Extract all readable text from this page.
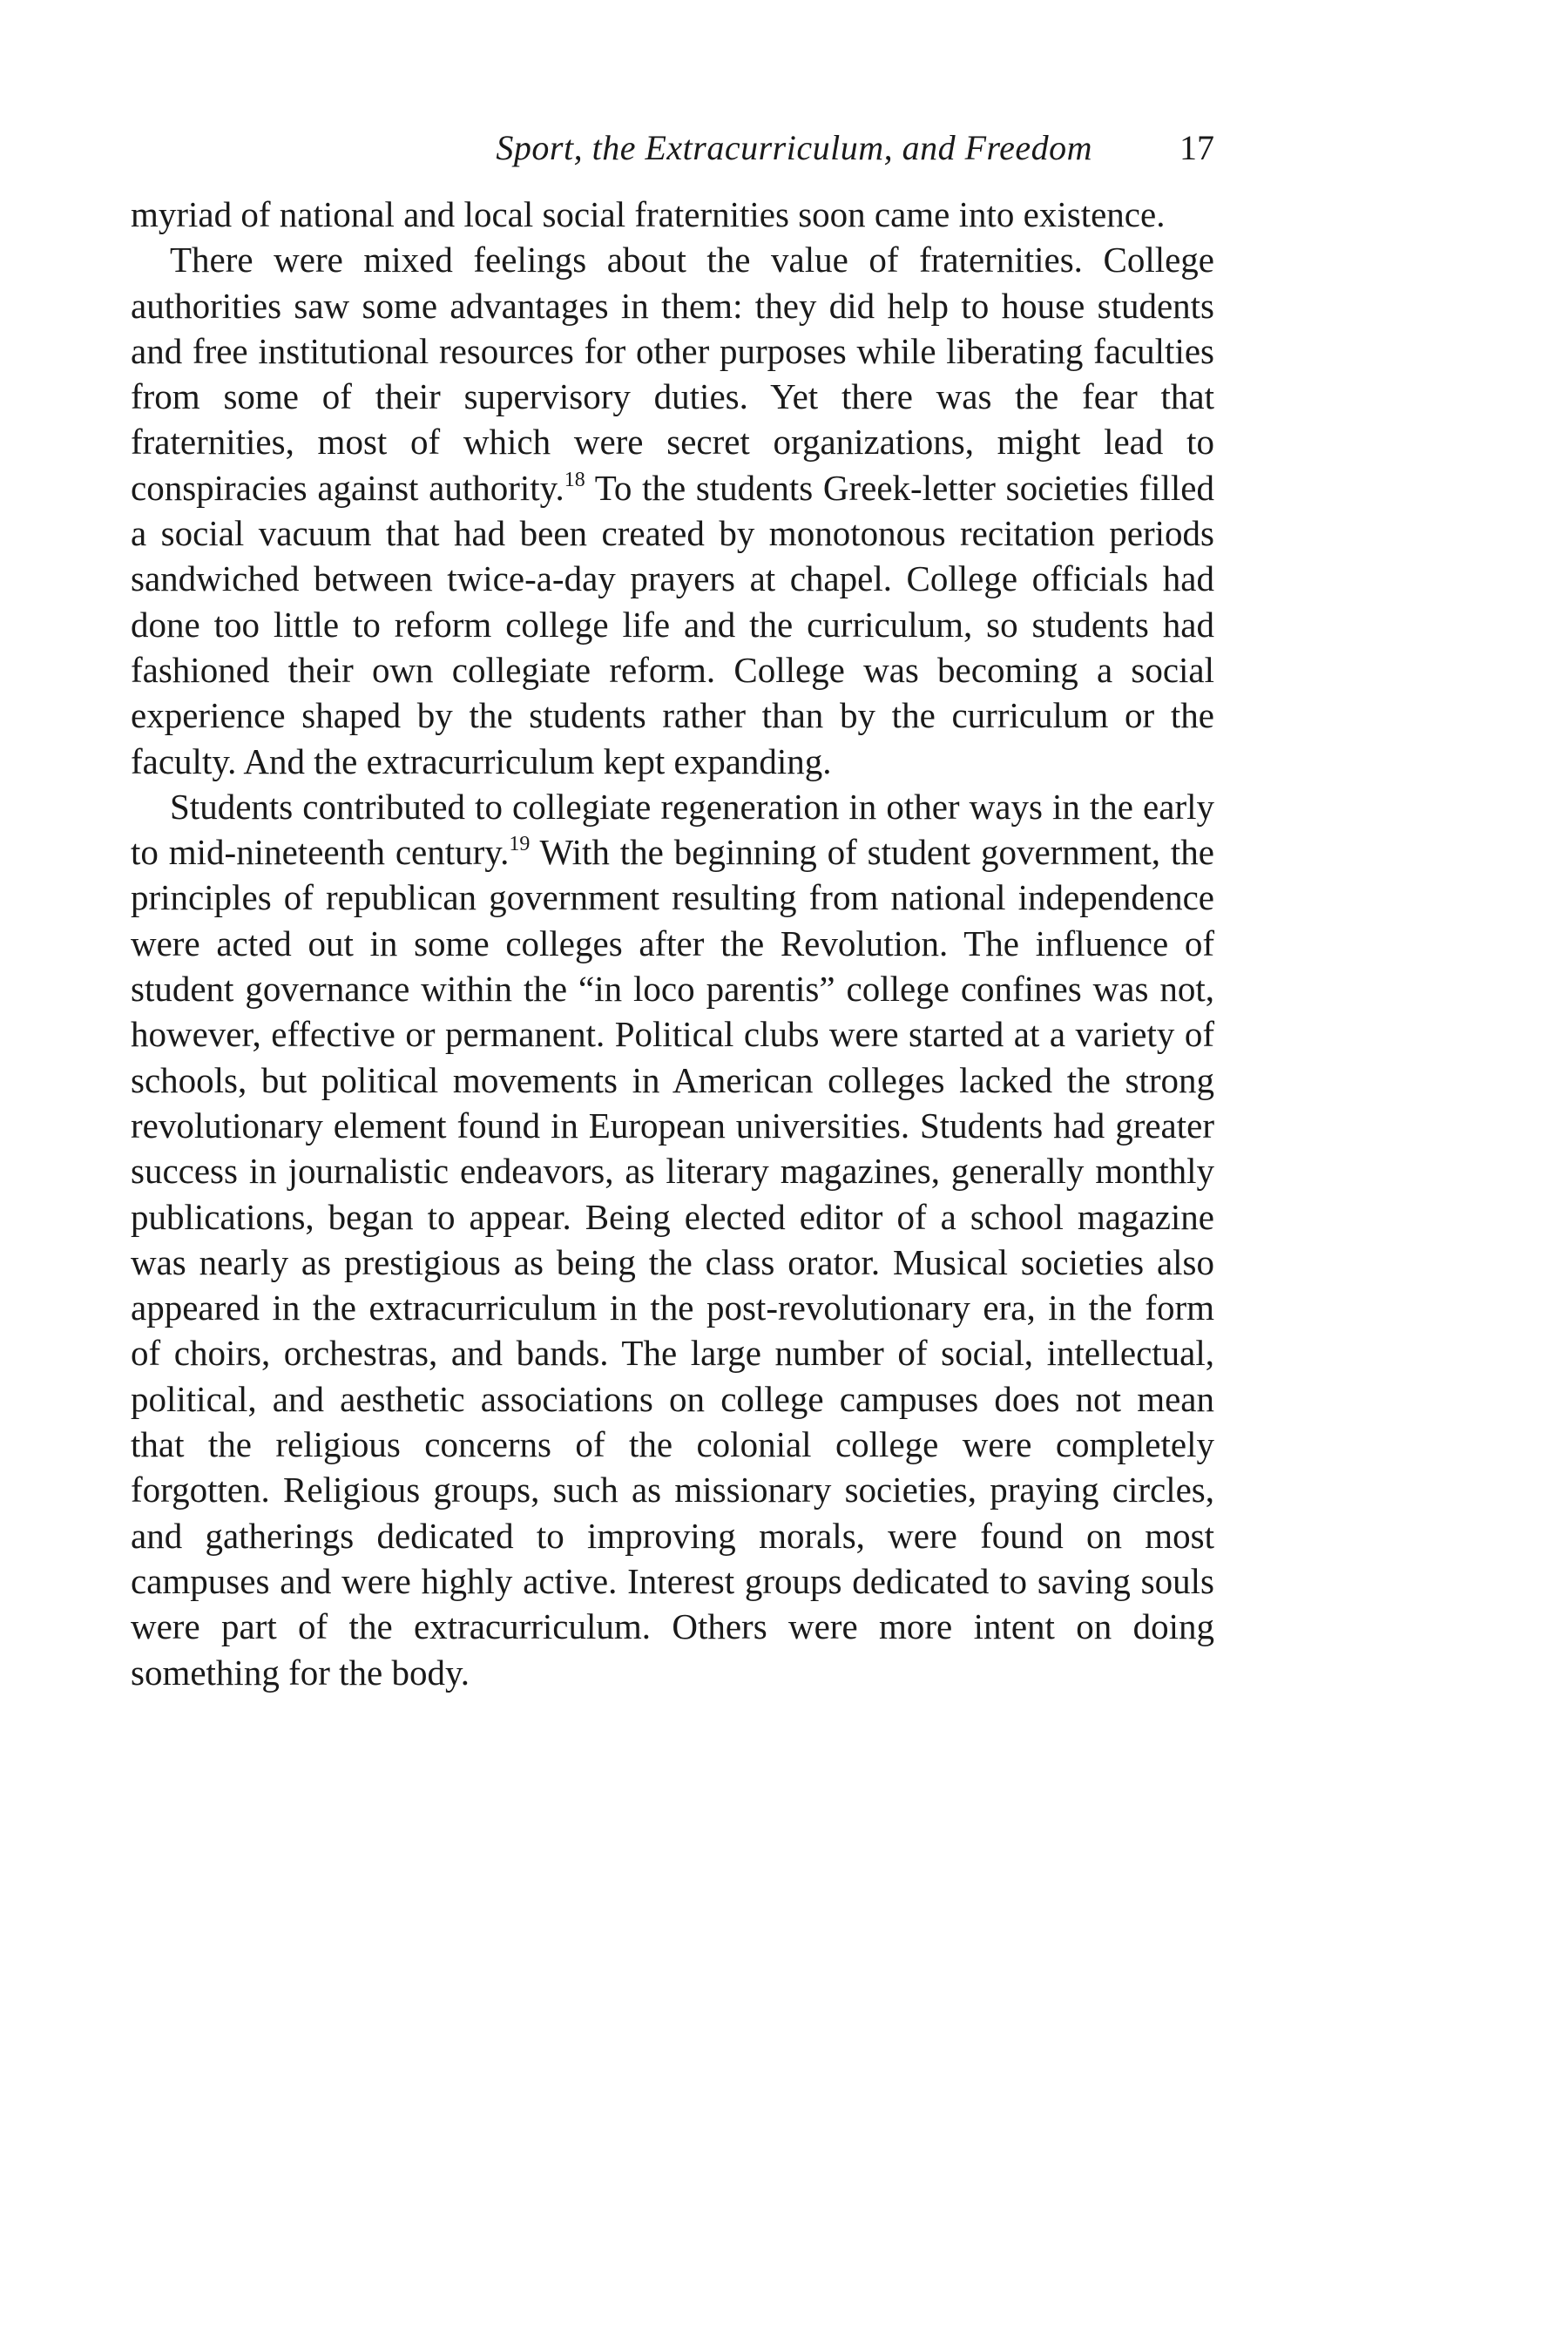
Sport, the Extracurriculum, and Freedom	17

myriad of national and local social fraternities soon came into existence.

There were mixed feelings about the value of fraternities. College authorities saw some advantages in them: they did help to house students and free institutional resources for other purposes while liberating faculties from some of their supervisory duties. Yet there was the fear that fraternities, most of which were secret organizations, might lead to conspiracies against authority.$^{18}$ To the students Greek-letter societies filled a social vacuum that had been created by monotonous recitation periods sandwiched between twice-a-day prayers at chapel. College officials had done too little to reform college life and the curriculum, so students had fashioned their own collegiate reform. College was becoming a social experience shaped by the students rather than by the curriculum or the faculty. And the extracurriculum kept expanding.

Students contributed to collegiate regeneration in other ways in the early to mid-nineteenth century.$^{19}$ With the beginning of student government, the principles of republican government resulting from national independence were acted out in some colleges after the Revolution. The influence of student governance within the “in loco parentis” college confines was not, however, effective or permanent. Political clubs were started at a variety of schools, but political movements in American colleges lacked the strong revolutionary element found in European universities. Students had greater success in journalistic endeavors, as literary magazines, generally monthly publications, began to appear. Being elected editor of a school magazine was nearly as prestigious as being the class orator. Musical societies also appeared in the extracurriculum in the post-revolutionary era, in the form of choirs, orchestras, and bands. The large number of social, intellectual, political, and aesthetic associations on college campuses does not mean that the religious concerns of the colonial college were completely forgotten. Religious groups, such as missionary societies, praying circles, and gatherings dedicated to improving morals, were found on most campuses and were highly active. Interest groups dedicated to saving souls were part of the extracurriculum. Others were more intent on doing something for the body.
